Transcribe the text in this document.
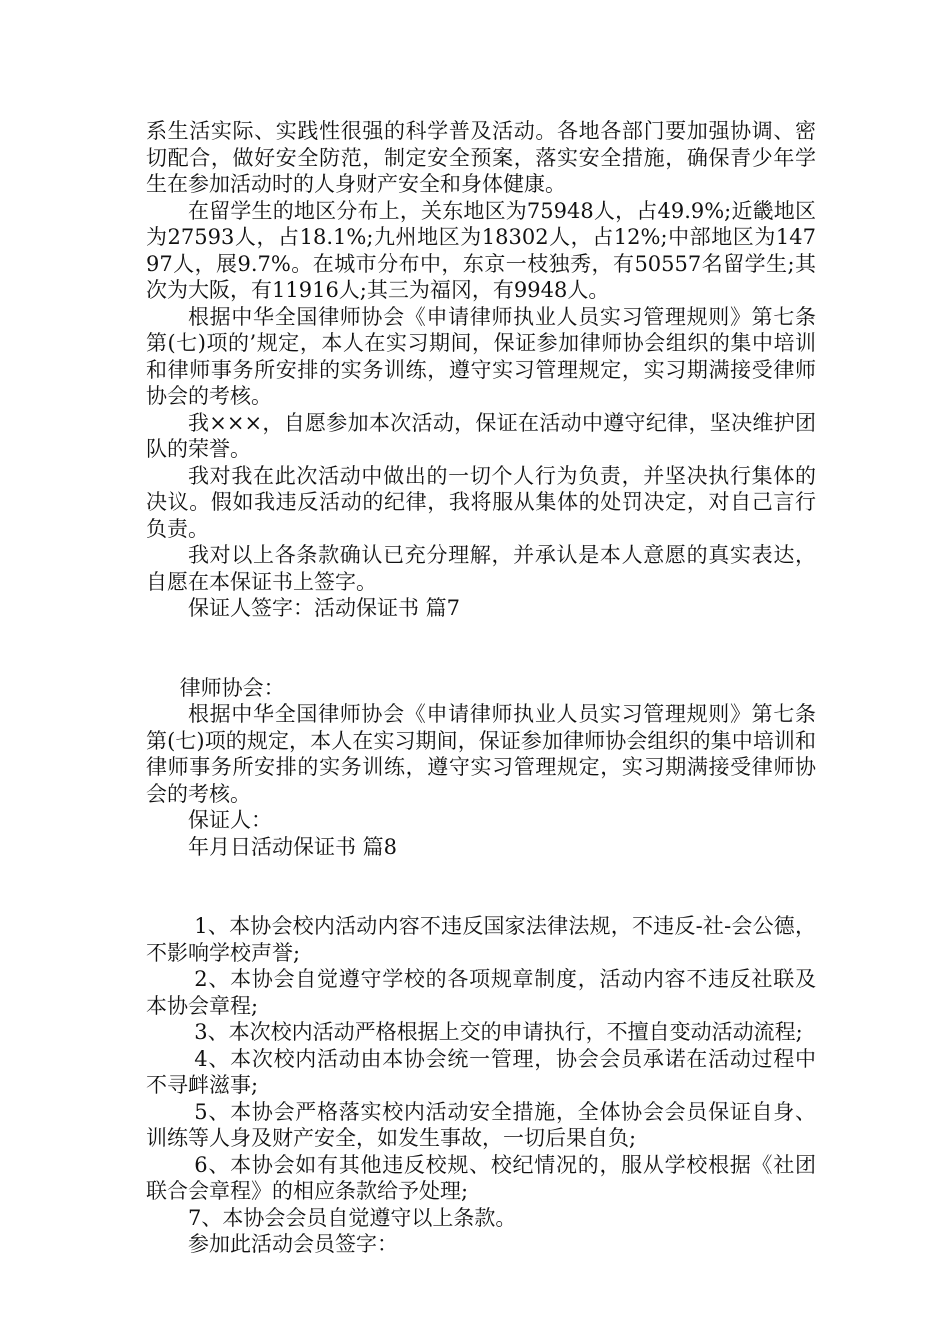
系生活实际、实践性很强的科学普及活动。各地各部门要加强协调、密切配合，做好安全防范，制定安全预案，落实安全措施，确保青少年学生在参加活动时的人身财产安全和身体健康。

在留学生的地区分布上，关东地区为75948人，占49.9%;近畿地区为27593人，占18.1%;九州地区为18302人，占12%;中部地区为14797人，展9.7%。在城市分布中，东京一枝独秀，有50557名留学生;其次为大阪，有11916人;其三为福冈，有9948人。

根据中华全国律师协会《申请律师执业人员实习管理规则》第七条第(七)项的’规定，本人在实习期间，保证参加律师协会组织的集中培训和律师事务所安排的实务训练，遵守实习管理规定，实习期满接受律师协会的考核。

我×××，自愿参加本次活动，保证在活动中遵守纪律，坚决维护团队的荣誉。

我对我在此次活动中做出的一切个人行为负责，并坚决执行集体的决议。假如我违反活动的纪律，我将服从集体的处罚决定，对自己言行负责。

我对以上各条款确认已充分理解，并承认是本人意愿的真实表达，自愿在本保证书上签字。

保证人签字：活动保证书 篇7

律师协会：

根据中华全国律师协会《申请律师执业人员实习管理规则》第七条第(七)项的规定，本人在实习期间，保证参加律师协会组织的集中培训和律师事务所安排的实务训练，遵守实习管理规定，实习期满接受律师协会的考核。

保证人：

年月日活动保证书 篇8

1、本协会校内活动内容不违反国家法律法规，不违反-社-会公德，不影响学校声誉;

2、本协会自觉遵守学校的各项规章制度，活动内容不违反社联及本协会章程;

3、本次校内活动严格根据上交的申请执行，不擅自变动活动流程;

4、本次校内活动由本协会统一管理，协会会员承诺在活动过程中不寻衅滋事;

5、本协会严格落实校内活动安全措施，全体协会会员保证自身、训练等人身及财产安全，如发生事故，一切后果自负;

6、本协会如有其他违反校规、校纪情况的，服从学校根据《社团联合会章程》的相应条款给予处理;

7、本协会会员自觉遵守以上条款。

参加此活动会员签字：
